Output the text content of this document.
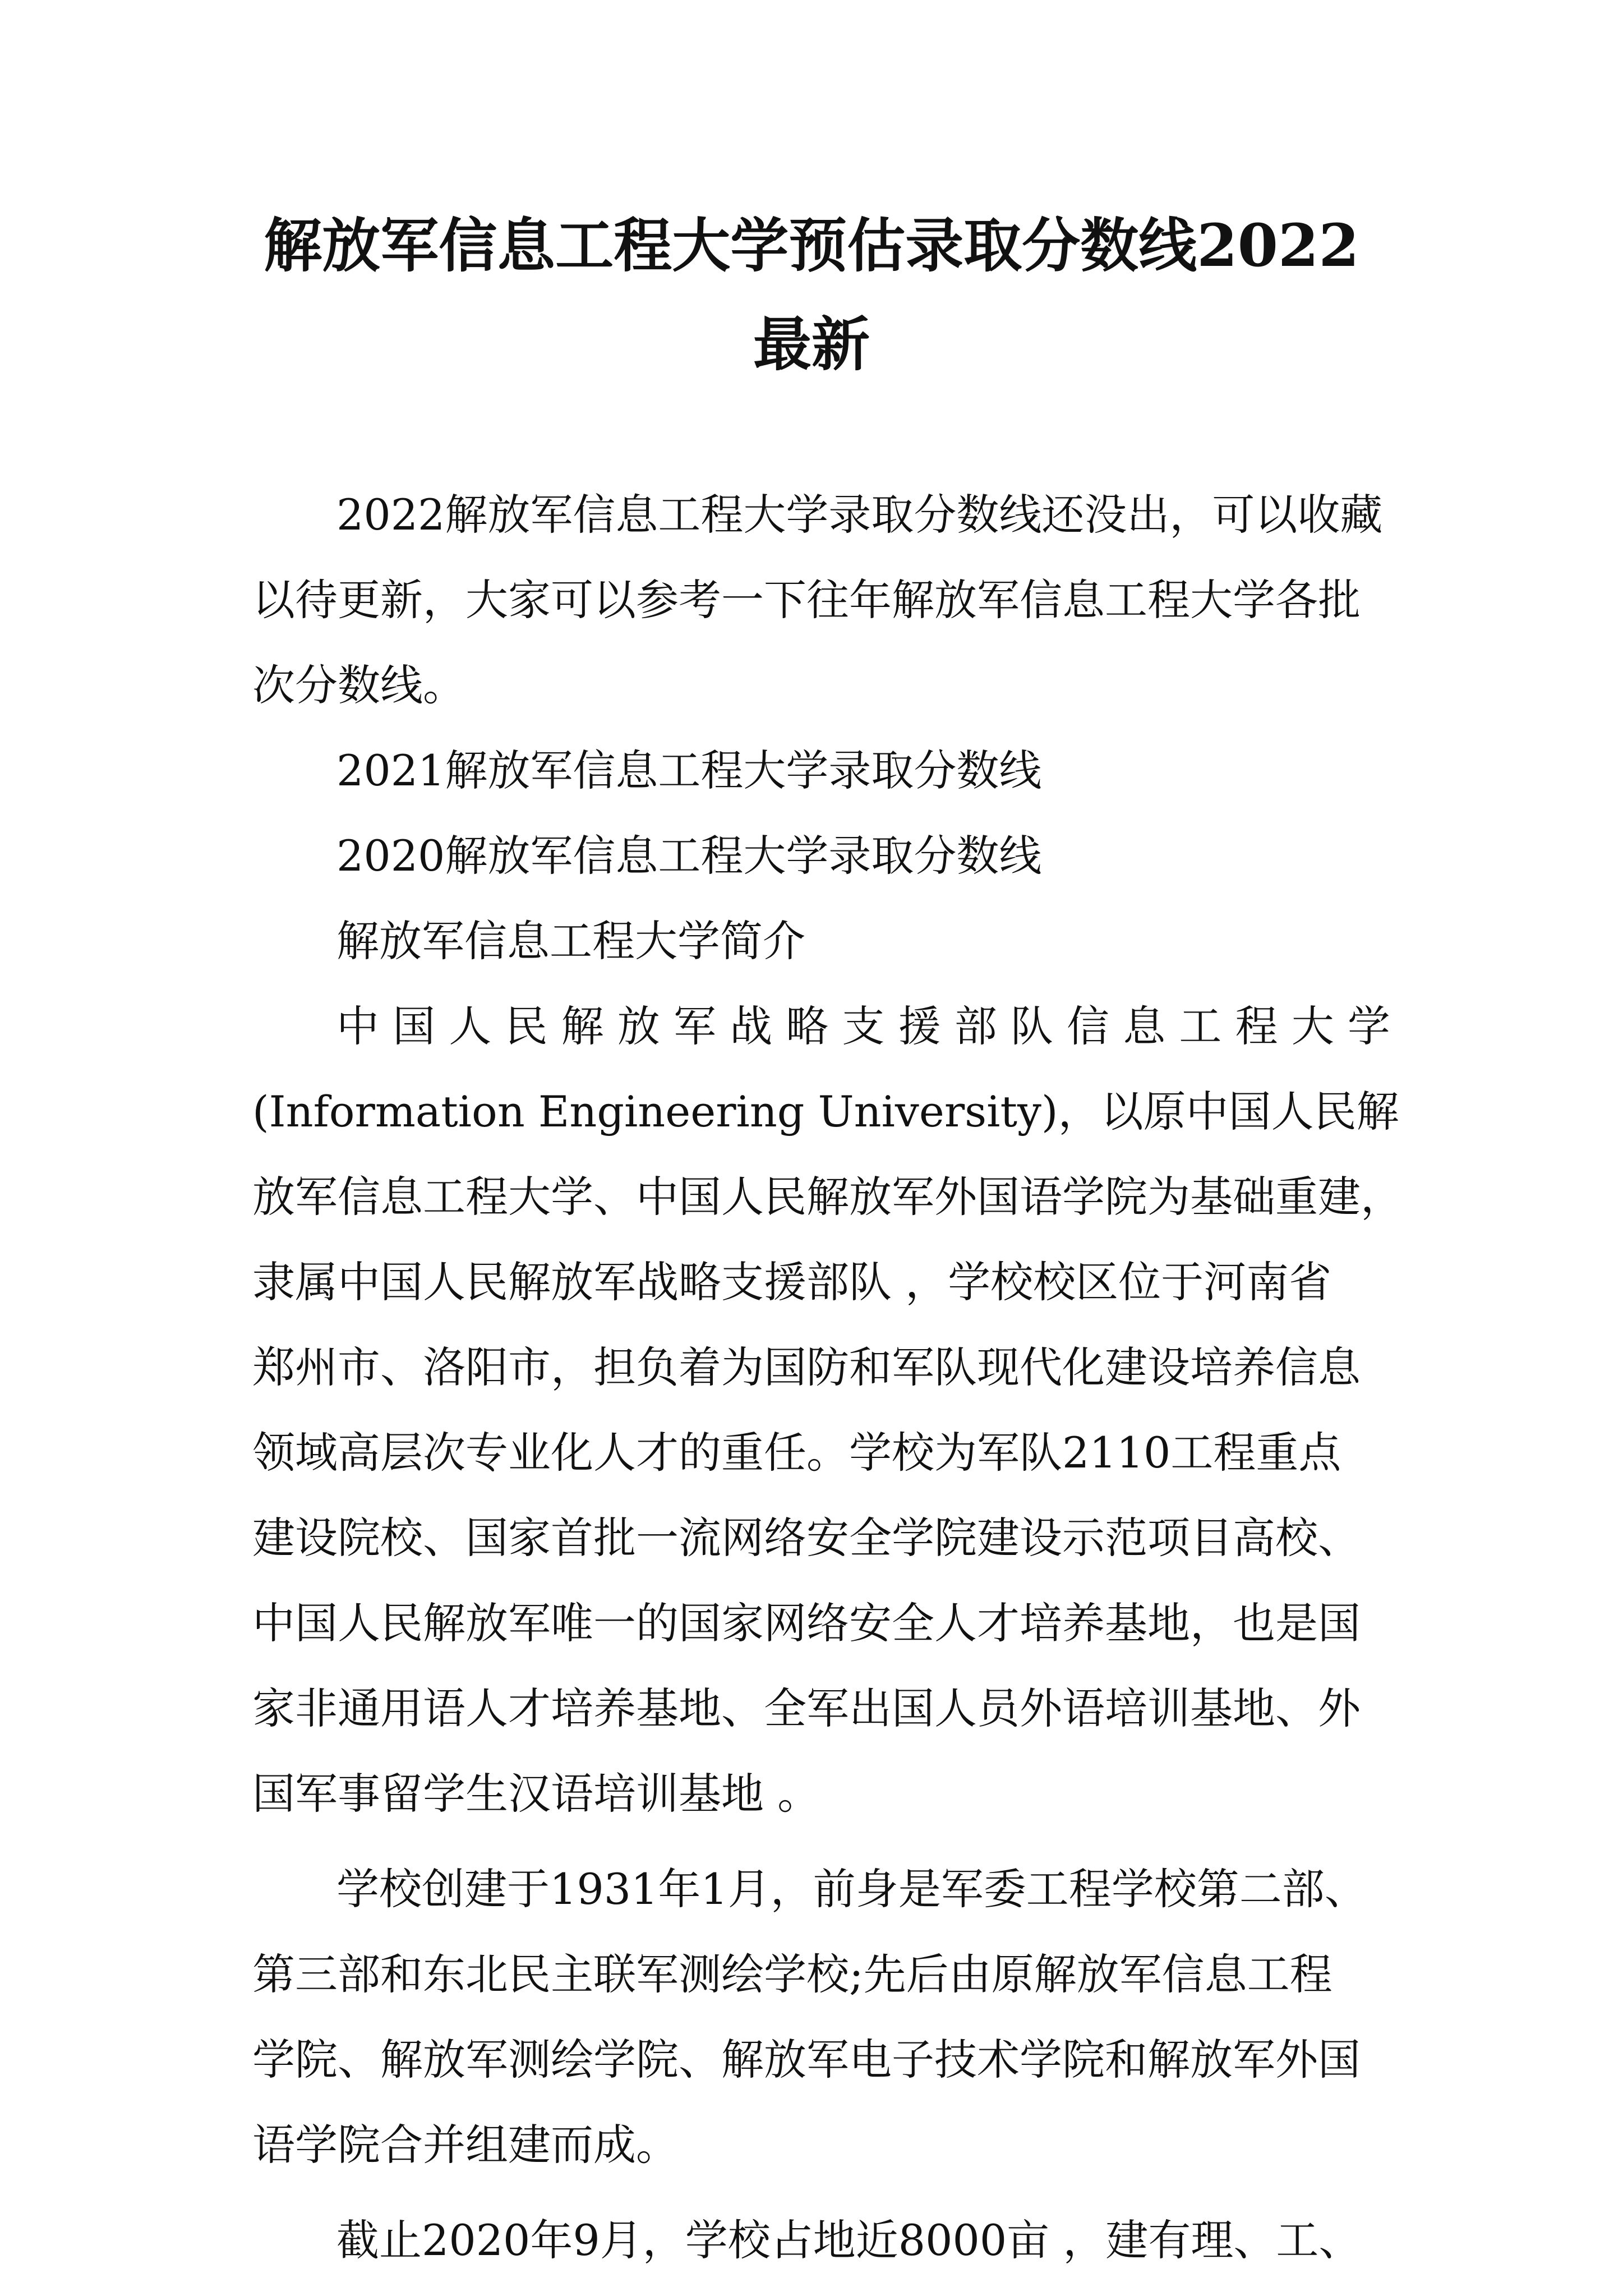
解放军信息工程大学预估录取分数线2022
最新
2022解放军信息工程大学录取分数线还没出，可以收藏
以待更新，大家可以参考一下往年解放军信息工程大学各批
次分数线。
2021解放军信息工程大学录取分数线
2020解放军信息工程大学录取分数线
解放军信息工程大学简介
中 国 人 民 解 放 军 战 略 支 援 部 队 信 息 工 程 大 学
(Information Engineering University)，以原中国人民解
放军信息工程大学、中国人民解放军外国语学院为基础重建，
隶属中国人民解放军战略支援部队 ，学校校区位于河南省
郑州市、洛阳市，担负着为国防和军队现代化建设培养信息
领域高层次专业化人才的重任。学校为军队2110工程重点
建设院校、国家首批一流网络安全学院建设示范项目高校、
中国人民解放军唯一的国家网络安全人才培养基地，也是国
家非通用语人才培养基地、全军出国人员外语培训基地、外
国军事留学生汉语培训基地 。
学校创建于1931年1月，前身是军委工程学校第二部、
第三部和东北民主联军测绘学校;先后由原解放军信息工程
学院、解放军测绘学院、解放军电子技术学院和解放军外国
语学院合并组建而成。
截止2020年9月，学校占地近8000亩 ，建有理、工、
